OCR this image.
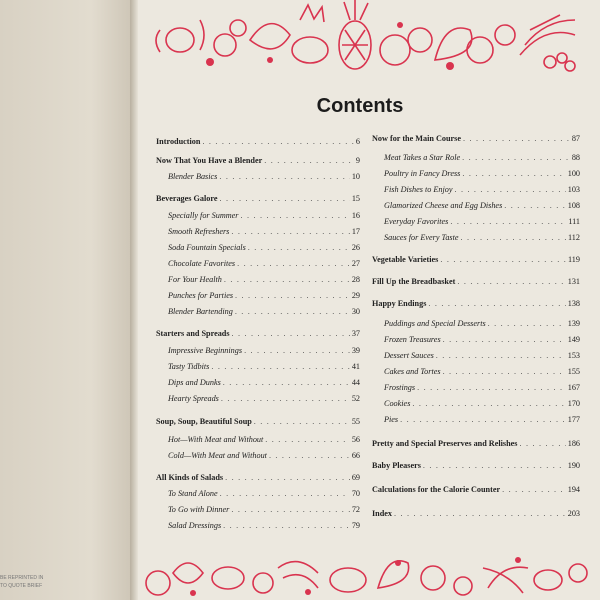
BE REPRINTED IN
TO QUOTE BRIEF
Contents
Introduction . . .	6
Now That You Have a Blender . . .	9
Blender Basics . . .	10
Beverages Galore . . .	15
Specially for Summer . . .	16
Smooth Refreshers . . .	17
Soda Fountain Specials . . .	26
Chocolate Favorites . . .	27
For Your Health . . .	28
Punches for Parties . . .	29
Blender Bartending . . .	30
Starters and Spreads . . .	37
Impressive Beginnings . . .	39
Tasty Tidbits . . .	41
Dips and Dunks . . .	44
Hearty Spreads . . .	52
Soup, Soup, Beautiful Soup . . .	55
Hot—With Meat and Without . . .	56
Cold—With Meat and Without . . .	66
All Kinds of Salads . . .	69
To Stand Alone . . .	70
To Go with Dinner . . .	72
Salad Dressings . . .	79
Now for the Main Course . . .	87
Meat Takes a Star Role . . .	88
Poultry in Fancy Dress . . .	100
Fish Dishes to Enjoy . . .	103
Glamorized Cheese and Egg Dishes . . .	108
Everyday Favorites . . .	111
Sauces for Every Taste . . .	112
Vegetable Varieties . . .	119
Fill Up the Breadbasket . . .	131
Happy Endings . . .	138
Puddings and Special Desserts . . .	139
Frozen Treasures . . .	149
Dessert Sauces . . .	153
Cakes and Tortes . . .	155
Frostings . . .	167
Cookies . . .	170
Pies . . .	177
Pretty and Special Preserves and Relishes . . .	186
Baby Pleasers . . .	190
Calculations for the Calorie Counter . . .	194
Index . . .	203
